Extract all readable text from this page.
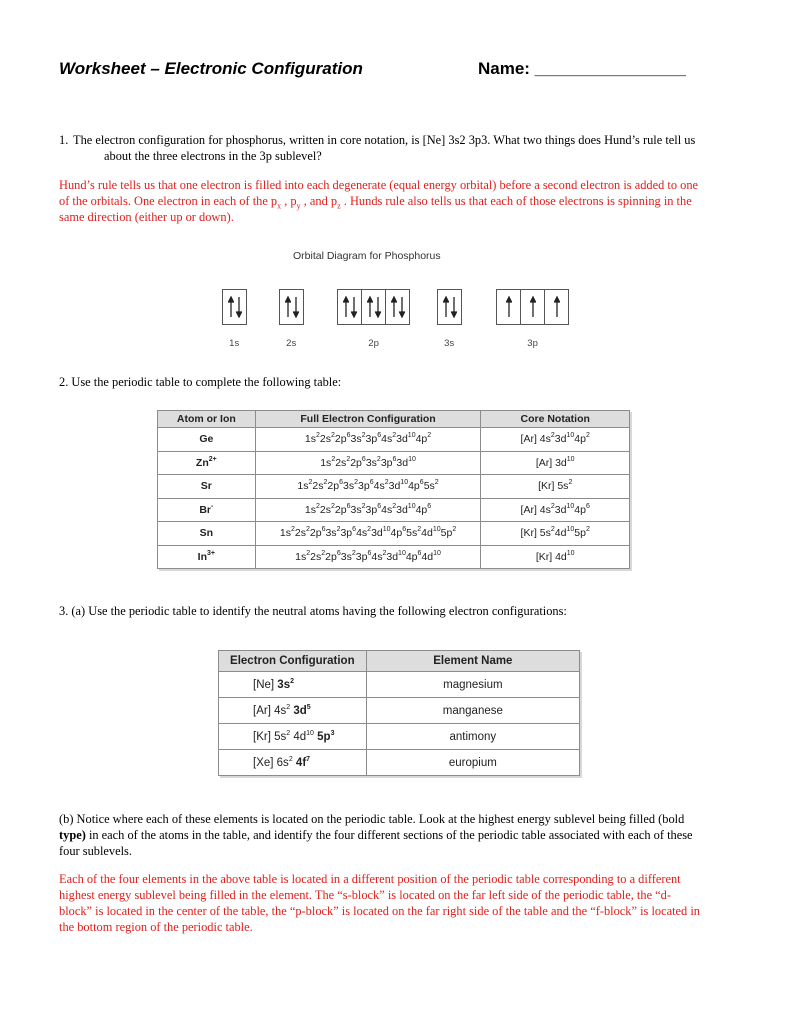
Worksheet – Electronic Configuration	Name: ________________
1. The electron configuration for phosphorus, written in core notation, is [Ne] 3s2 3p3. What two things does Hund’s rule tell us
about the three electrons in the 3p sublevel?
Hund’s rule tells us that one electron is filled into each degenerate (equal energy orbital) before a second electron is added to one
of the orbitals. One electron in each of the $p_x$ , $p_y$ , and $p_z$ . Hunds rule also tells us that each of those electrons is spinning in the
same direction (either up or down).
Orbital Diagram for Phosphorus
1s	2s	2p	3s	3p
2. Use the periodic table to complete the following table:
Atom or Ion	Full Electron Configuration	Core Notation
Ge	$1s^22s^22p^63s^23p^64s^23d^{10}4p^2$	[Ar] $4s^23d^{10}4p^2$
$Zn^{2+}$	$1s^22s^22p^63s^23p^63d^{10}$	[Ar] $3d^{10}$
Sr	$1s^22s^22p^63s^23p^64s^23d^{10}4p^65s^2$	[Kr] $5s^2$
Br-	$1s^22s^22p^63s^23p^64s^23d^{10}4p^6$	[Ar] $4s^23d^{10}4p^6$
Sn	$1s^22s^22p^63s^23p^64s^23d^{10}4p^65s^24d^{10}5p^2$	[Kr] $5s^24d^{10}5p^2$
$In^{3+}$	$1s^22s^22p^63s^23p^64s^23d^{10}4p^64d^{10}$	[Kr] $4d^{10}$
3. (a) Use the periodic table to identify the neutral atoms having the following electron configurations:
Electron Configuration	Element Name
[Ne] $3s^2$	magnesium
[Ar] $4s^2$ $3d^5$	manganese
[Kr] $5s^2$ $4d^{10}$ $5p^3$	antimony
[Xe] $6s^2$ $4f^7$	europium
(b) Notice where each of these elements is located on the periodic table. Look at the highest energy sublevel being filled (bold
type) in each of the atoms in the table, and identify the four different sections of the periodic table associated with each of these
four sublevels.
Each of the four elements in the above table is located in a different position of the periodic table corresponding to a different
highest energy sublevel being filled in the element. The “s-block” is located on the far left side of the periodic table, the “d-
block” is located in the center of the table, the “p-block” is located on the far right side of the table and the “f-block” is located in
the bottom region of the periodic table.
